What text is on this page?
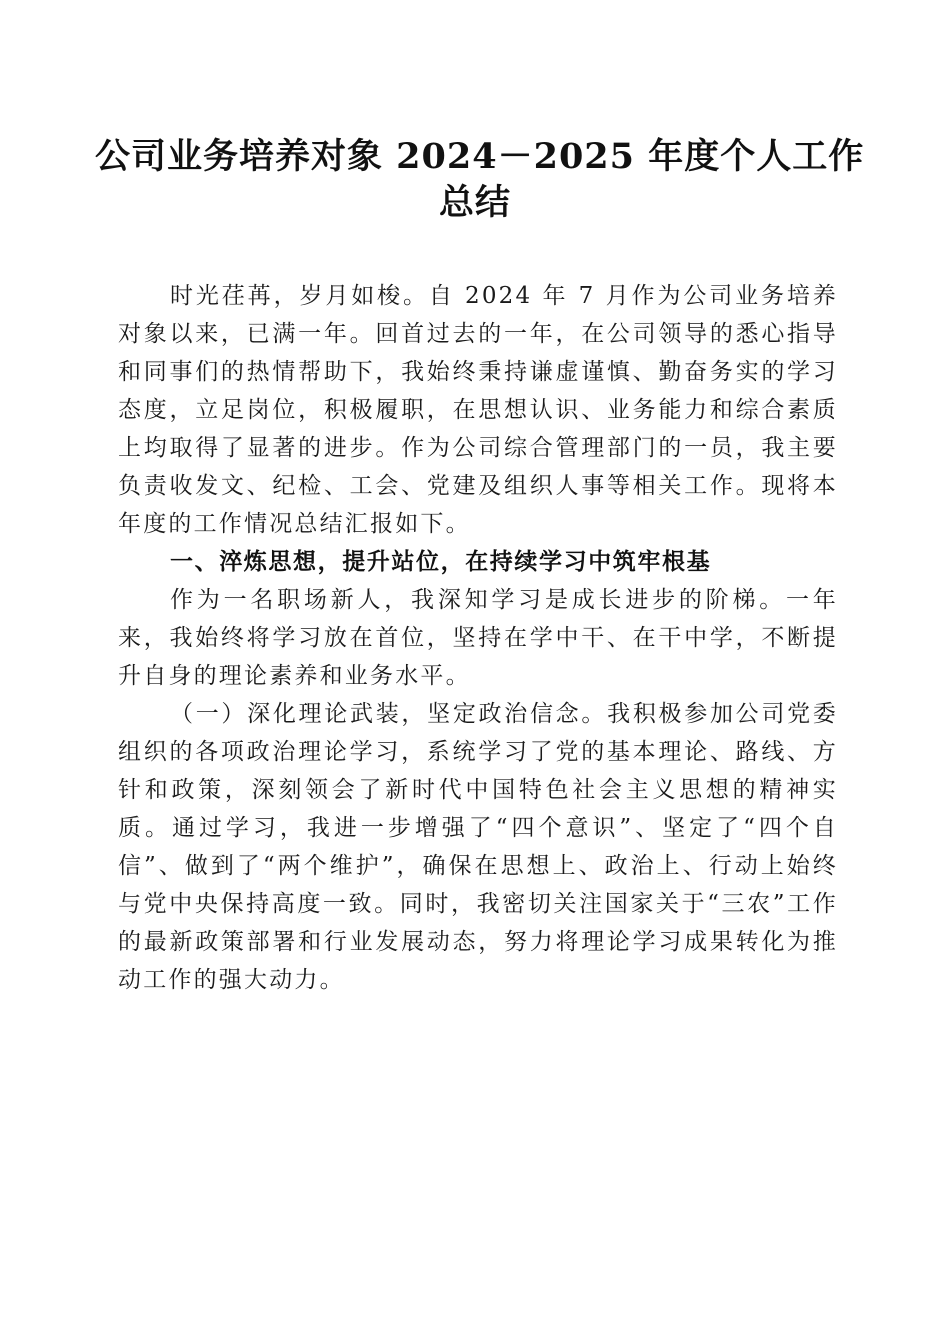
公司业务培养对象 2024－2025 年度个人工作
总结

时光荏苒，岁月如梭。自 2024 年 7 月作为公司业务培养对象以来，已满一年。回首过去的一年，在公司领导的悉心指导和同事们的热情帮助下，我始终秉持谦虚谨慎、勤奋务实的学习态度，立足岗位，积极履职，在思想认识、业务能力和综合素质上均取得了显著的进步。作为公司综合管理部门的一员，我主要负责收发文、纪检、工会、党建及组织人事等相关工作。现将本年度的工作情况总结汇报如下。

一、淬炼思想，提升站位，在持续学习中筑牢根基

作为一名职场新人，我深知学习是成长进步的阶梯。一年来，我始终将学习放在首位，坚持在学中干、在干中学，不断提升自身的理论素养和业务水平。

（一）深化理论武装，坚定政治信念。我积极参加公司党委组织的各项政治理论学习，系统学习了党的基本理论、路线、方针和政策，深刻领会了新时代中国特色社会主义思想的精神实质。通过学习，我进一步增强了“四个意识”、坚定了“四个自信”、做到了“两个维护”，确保在思想上、政治上、行动上始终与党中央保持高度一致。同时，我密切关注国家关于“三农”工作的最新政策部署和行业发展动态，努力将理论学习成果转化为推动工作的强大动力。
